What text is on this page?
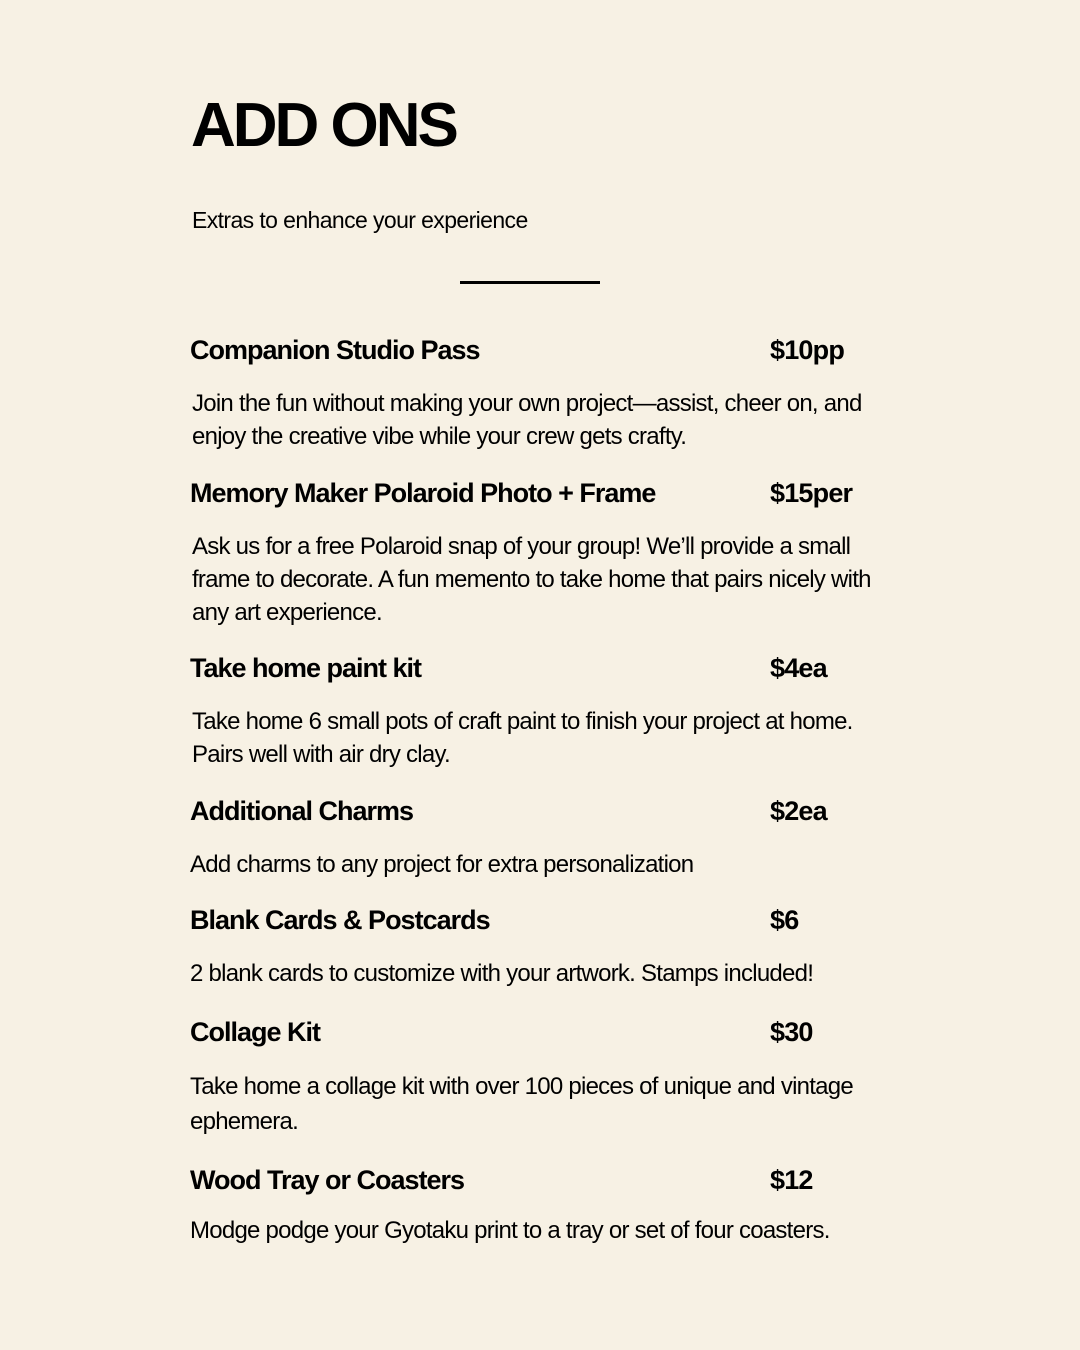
ADD ONS

Extras to enhance your experience

Companion Studio Pass	$10pp

Join the fun without making your own project—assist, cheer on, and enjoy the creative vibe while your crew gets crafty.

Memory Maker Polaroid Photo + Frame	$15per

Ask us for a free Polaroid snap of your group! We’ll provide a small frame to decorate. A fun memento to take home that pairs nicely with any art experience.

Take home paint kit	$4ea

Take home 6 small pots of craft paint to finish your project at home. Pairs well with air dry clay.

Additional Charms	$2ea

Add charms to any project for extra personalization

Blank Cards & Postcards	$6

2 blank cards to customize with your artwork. Stamps included!

Collage Kit	$30

Take home a collage kit with over 100 pieces of unique and vintage ephemera.

Wood Tray or Coasters	$12

Modge podge your Gyotaku print to a tray or set of four coasters.
